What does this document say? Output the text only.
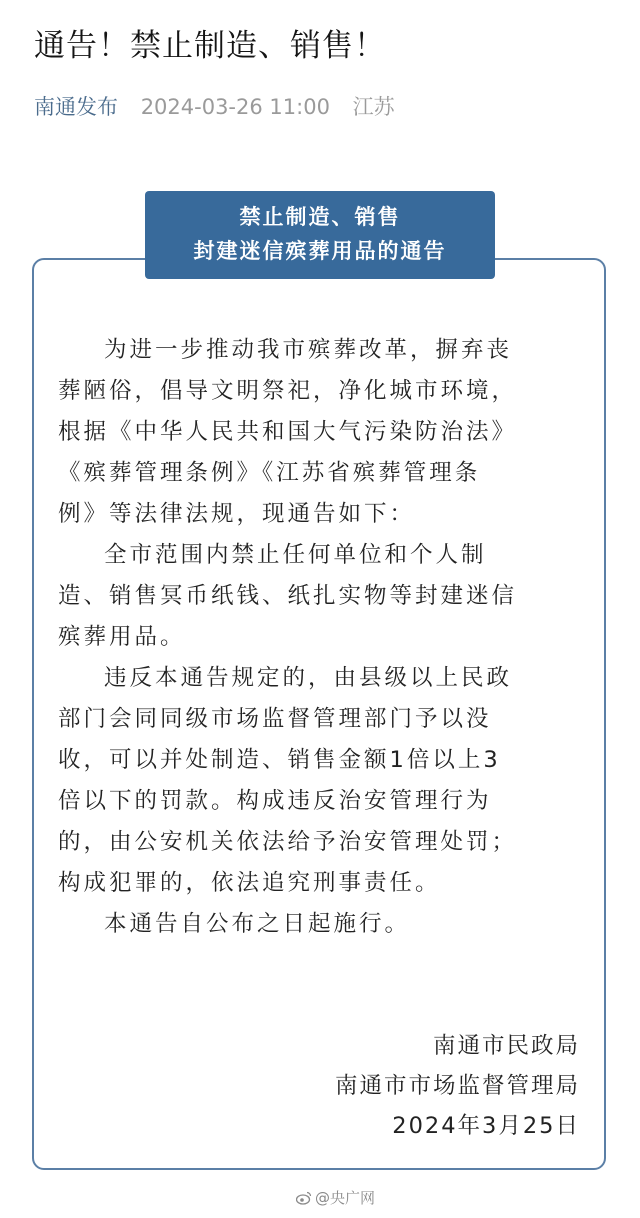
通告！禁止制造、销售！
南通发布 2024-03-26 11:00 江苏
禁止制造、销售
封建迷信殡葬用品的通告
为进一步推动我市殡葬改革，摒弃丧
葬陋俗，倡导文明祭祀，净化城市环境，
根据《中华人民共和国大气污染防治法》
《殡葬管理条例》《江苏省殡葬管理条
例》等法律法规，现通告如下：
全市范围内禁止任何单位和个人制
造、销售冥币纸钱、纸扎实物等封建迷信
殡葬用品。
违反本通告规定的，由县级以上民政
部门会同同级市场监督管理部门予以没
收，可以并处制造、销售金额1倍以上3
倍以下的罚款。构成违反治安管理行为
的，由公安机关依法给予治安管理处罚；
构成犯罪的，依法追究刑事责任。
本通告自公布之日起施行。
南通市民政局
南通市市场监督管理局
2024年3月25日
@央广网
